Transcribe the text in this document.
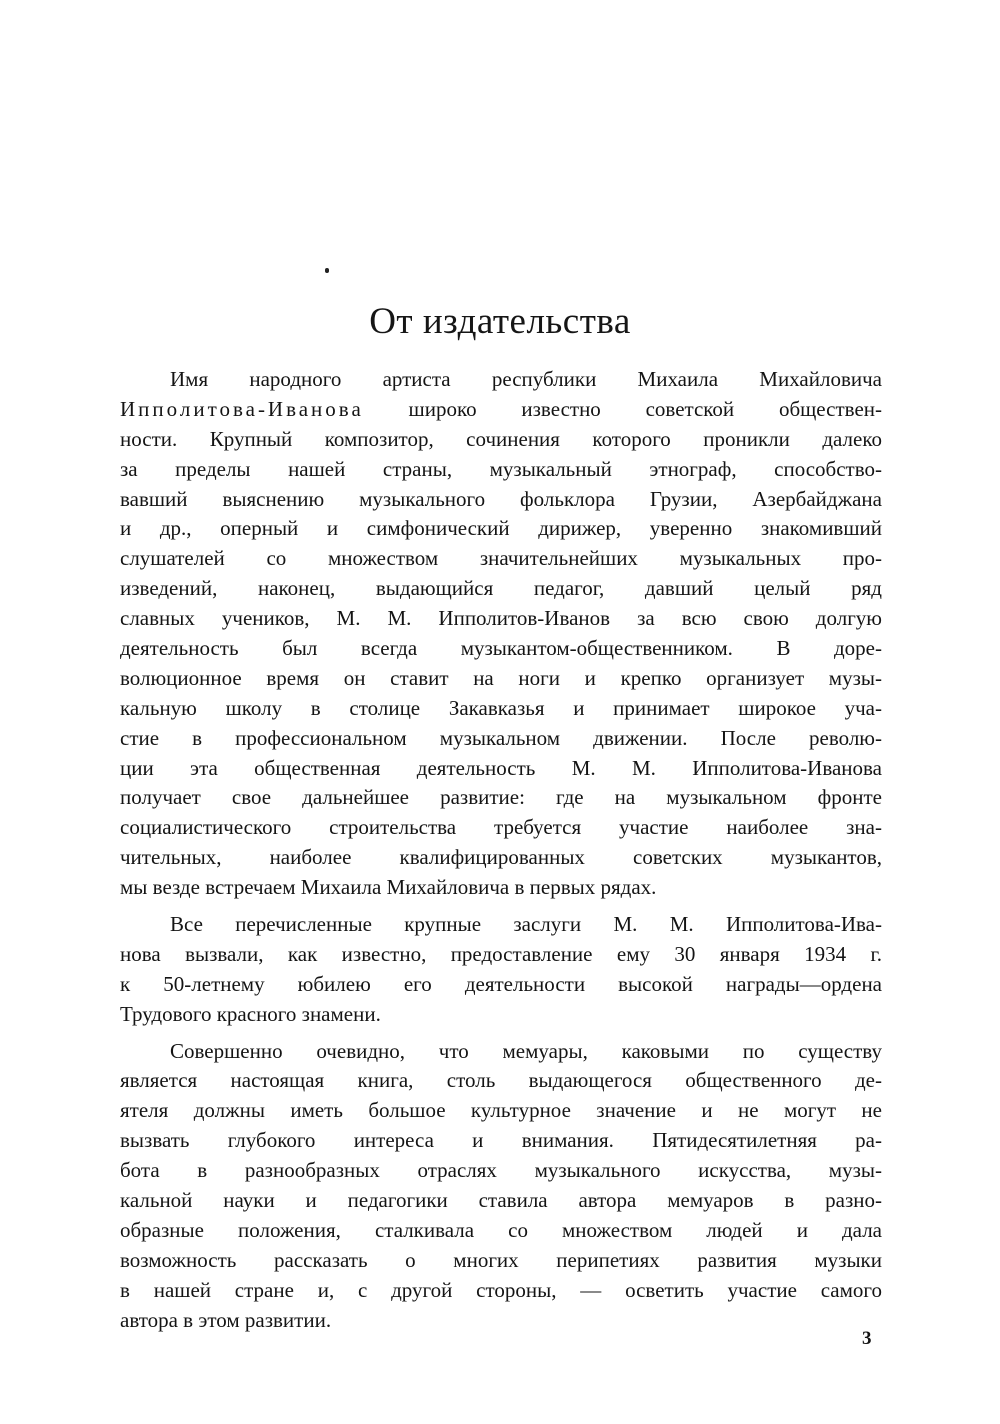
От издательства
Имя народного артиста республики Михаила Михайловича
Ипполитова-Иванова широко известно советской обществен-
ности. Крупный композитор, сочинения которого проникли далеко
за пределы нашей страны, музыкальный этнограф, способство-
вавший выяснению музыкального фольклора Грузии, Азербайджана
и др., оперный и симфонический дирижер, уверенно знакомивший
слушателей со множеством значительнейших музыкальных про-
изведений, наконец, выдающийся педагог, давший целый ряд
славных учеников, М. М. Ипполитов-Иванов за всю свою долгую
деятельность был всегда музыкантом-общественником. В доре-
волюционное время он ставит на ноги и крепко организует музы-
кальную школу в столице Закавказья и принимает широкое уча-
стие в профессиональном музыкальном движении. После револю-
ции эта общественная деятельность М. М. Ипполитова-Иванова
получает свое дальнейшее развитие: где на музыкальном фронте
социалистического строительства требуется участие наиболее зна-
чительных, наиболее квалифицированных советских музыкантов,
мы везде встречаем Михаила Михайловича в первых рядах.
Все перечисленные крупные заслуги М. М. Ипполитова-Ива-
нова вызвали, как известно, предоставление ему 30 января 1934 г.
к 50-летнему юбилею его деятельности высокой награды—ордена
Трудового красного знамени.
Совершенно очевидно, что мемуары, каковыми по существу
является настоящая книга, столь выдающегося общественного де-
ятеля должны иметь большое культурное значение и не могут не
вызвать глубокого интереса и внимания. Пятидесятилетняя ра-
бота в разнообразных отраслях музыкального искусства, музы-
кальной науки и педагогики ставила автора мемуаров в разно-
образные положения, сталкивала со множеством людей и дала
возможность рассказать о многих перипетиях развития музыки
в нашей стране и, с другой стороны, — осветить участие самого
автора в этом развитии.

3
